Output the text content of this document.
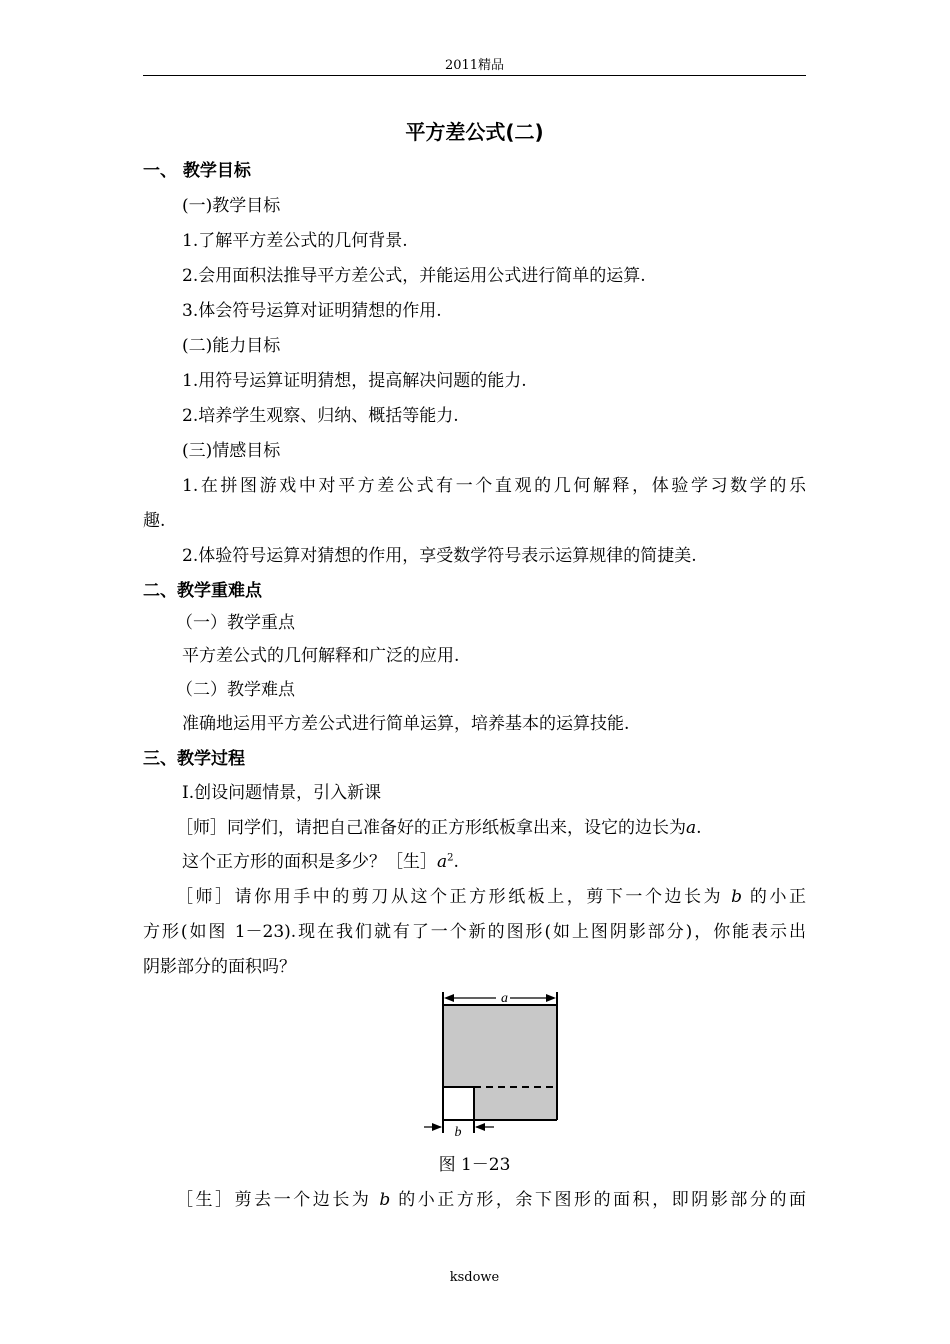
2011精品
平方差公式(二)
一、 教学目标
(一)教学目标
1.了解平方差公式的几何背景.
2.会用面积法推导平方差公式，并能运用公式进行简单的运算.
3.体会符号运算对证明猜想的作用.
(二)能力目标
1.用符号运算证明猜想，提高解决问题的能力.
2.培养学生观察、归纳、概括等能力.
(三)情感目标
1.在拼图游戏中对平方差公式有一个直观的几何解释，体验学习数学的乐
趣.
2.体验符号运算对猜想的作用，享受数学符号表示运算规律的简捷美.
二、教学重难点
（一）教学重点
平方差公式的几何解释和广泛的应用.
（二）教学难点
准确地运用平方差公式进行简单运算，培养基本的运算技能.
三、教学过程
Ⅰ.创设问题情景，引入新课
［师］同学们，请把自己准备好的正方形纸板拿出来，设它的边长为a.
这个正方形的面积是多少？［生$]a^2$.
［师］请你用手中的剪刀从这个正方形纸板上，剪下一个边长为 b 的小正
方形(如图 1－23).现在我们就有了一个新的图形(如上图阴影部分)，你能表示出
阴影部分的面积吗？
a
b
图 1－23
［生］剪去一个边长为 b 的小正方形，余下图形的面积，即阴影部分的面
ksdowe
